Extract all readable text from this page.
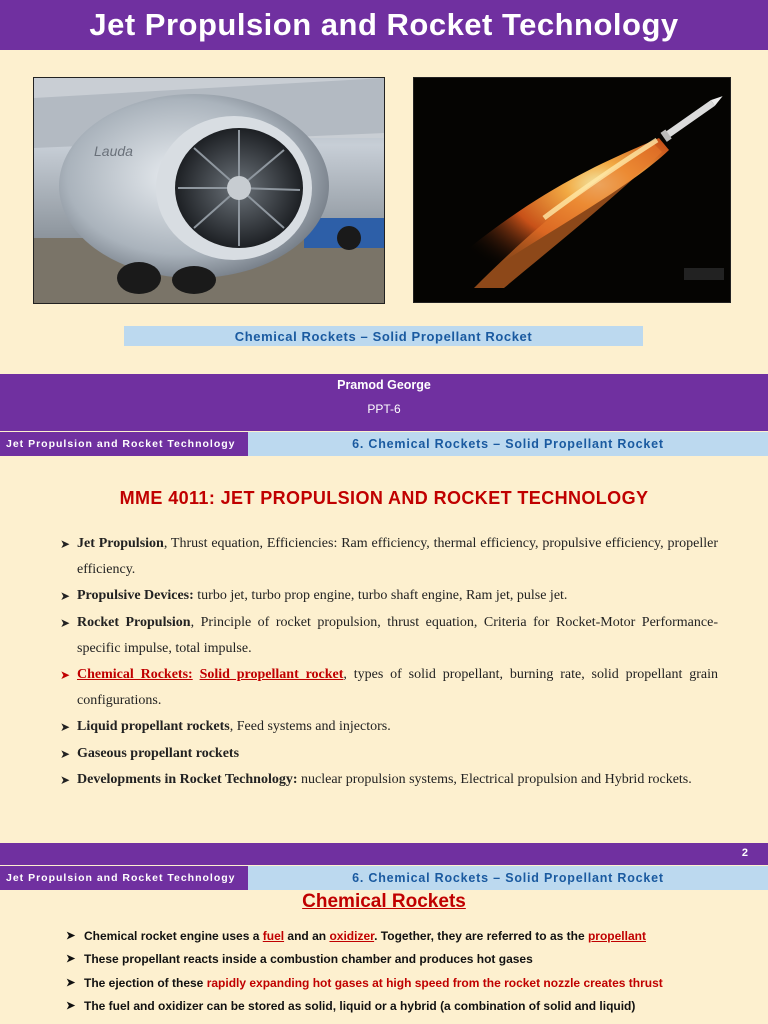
Jet Propulsion and Rocket Technology
Lauda
Chemical Rockets – Solid Propellant Rocket
Pramod George
PPT-6
Jet Propulsion and Rocket Technology	6. Chemical Rockets – Solid Propellant Rocket
MME 4011: JET PROPULSION AND ROCKET TECHNOLOGY
➤ Jet Propulsion, Thrust equation, Efficiencies: Ram efficiency, thermal efficiency, propulsive efficiency, propeller efficiency.
➤ Propulsive Devices: turbo jet, turbo prop engine, turbo shaft engine, Ram jet, pulse jet.
➤ Rocket Propulsion, Principle of rocket propulsion, thrust equation, Criteria for Rocket-Motor Performance-specific impulse, total impulse.
➤ Chemical Rockets: Solid propellant rocket, types of solid propellant, burning rate, solid propellant grain configurations.
➤ Liquid propellant rockets, Feed systems and injectors.
➤ Gaseous propellant rockets
➤ Developments in Rocket Technology: nuclear propulsion systems, Electrical propulsion and Hybrid rockets.
2
Jet Propulsion and Rocket Technology	6. Chemical Rockets – Solid Propellant Rocket
Chemical Rockets
➤ Chemical rocket engine uses a fuel and an oxidizer. Together, they are referred to as the propellant
➤ These propellant reacts inside a combustion chamber and produces hot gases
➤ The ejection of these rapidly expanding hot gases at high speed from the rocket nozzle creates thrust
➤ The fuel and oxidizer can be stored as solid, liquid or a hybrid (a combination of solid and liquid)
